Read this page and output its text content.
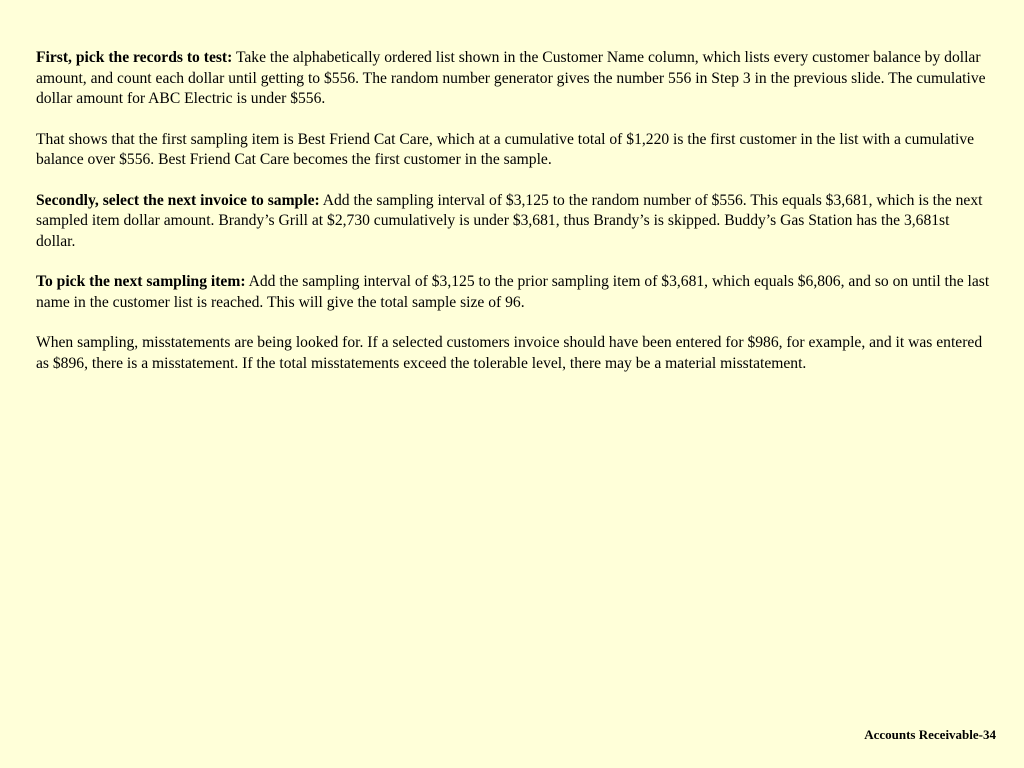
First, pick the records to test: Take the alphabetically ordered list shown in the Customer Name column, which lists every customer balance by dollar amount, and count each dollar until getting to $556. The random number generator gives the number 556 in Step 3 in the previous slide. The cumulative dollar amount for ABC Electric is under $556.

That shows that the first sampling item is Best Friend Cat Care, which at a cumulative total of $1,220 is the first customer in the list with a cumulative balance over $556. Best Friend Cat Care becomes the first customer in the sample.

Secondly, select the next invoice to sample: Add the sampling interval of $3,125 to the random number of $556. This equals $3,681, which is the next sampled item dollar amount. Brandy’s Grill at $2,730 cumulatively is under $3,681, thus Brandy’s is skipped. Buddy’s Gas Station has the 3,681st dollar.

To pick the next sampling item: Add the sampling interval of $3,125 to the prior sampling item of $3,681, which equals $6,806, and so on until the last name in the customer list is reached. This will give the total sample size of 96.

When sampling, misstatements are being looked for. If a selected customers invoice should have been entered for $986, for example, and it was entered as $896, there is a misstatement. If the total misstatements exceed the tolerable level, there may be a material misstatement.

Accounts Receivable-34
